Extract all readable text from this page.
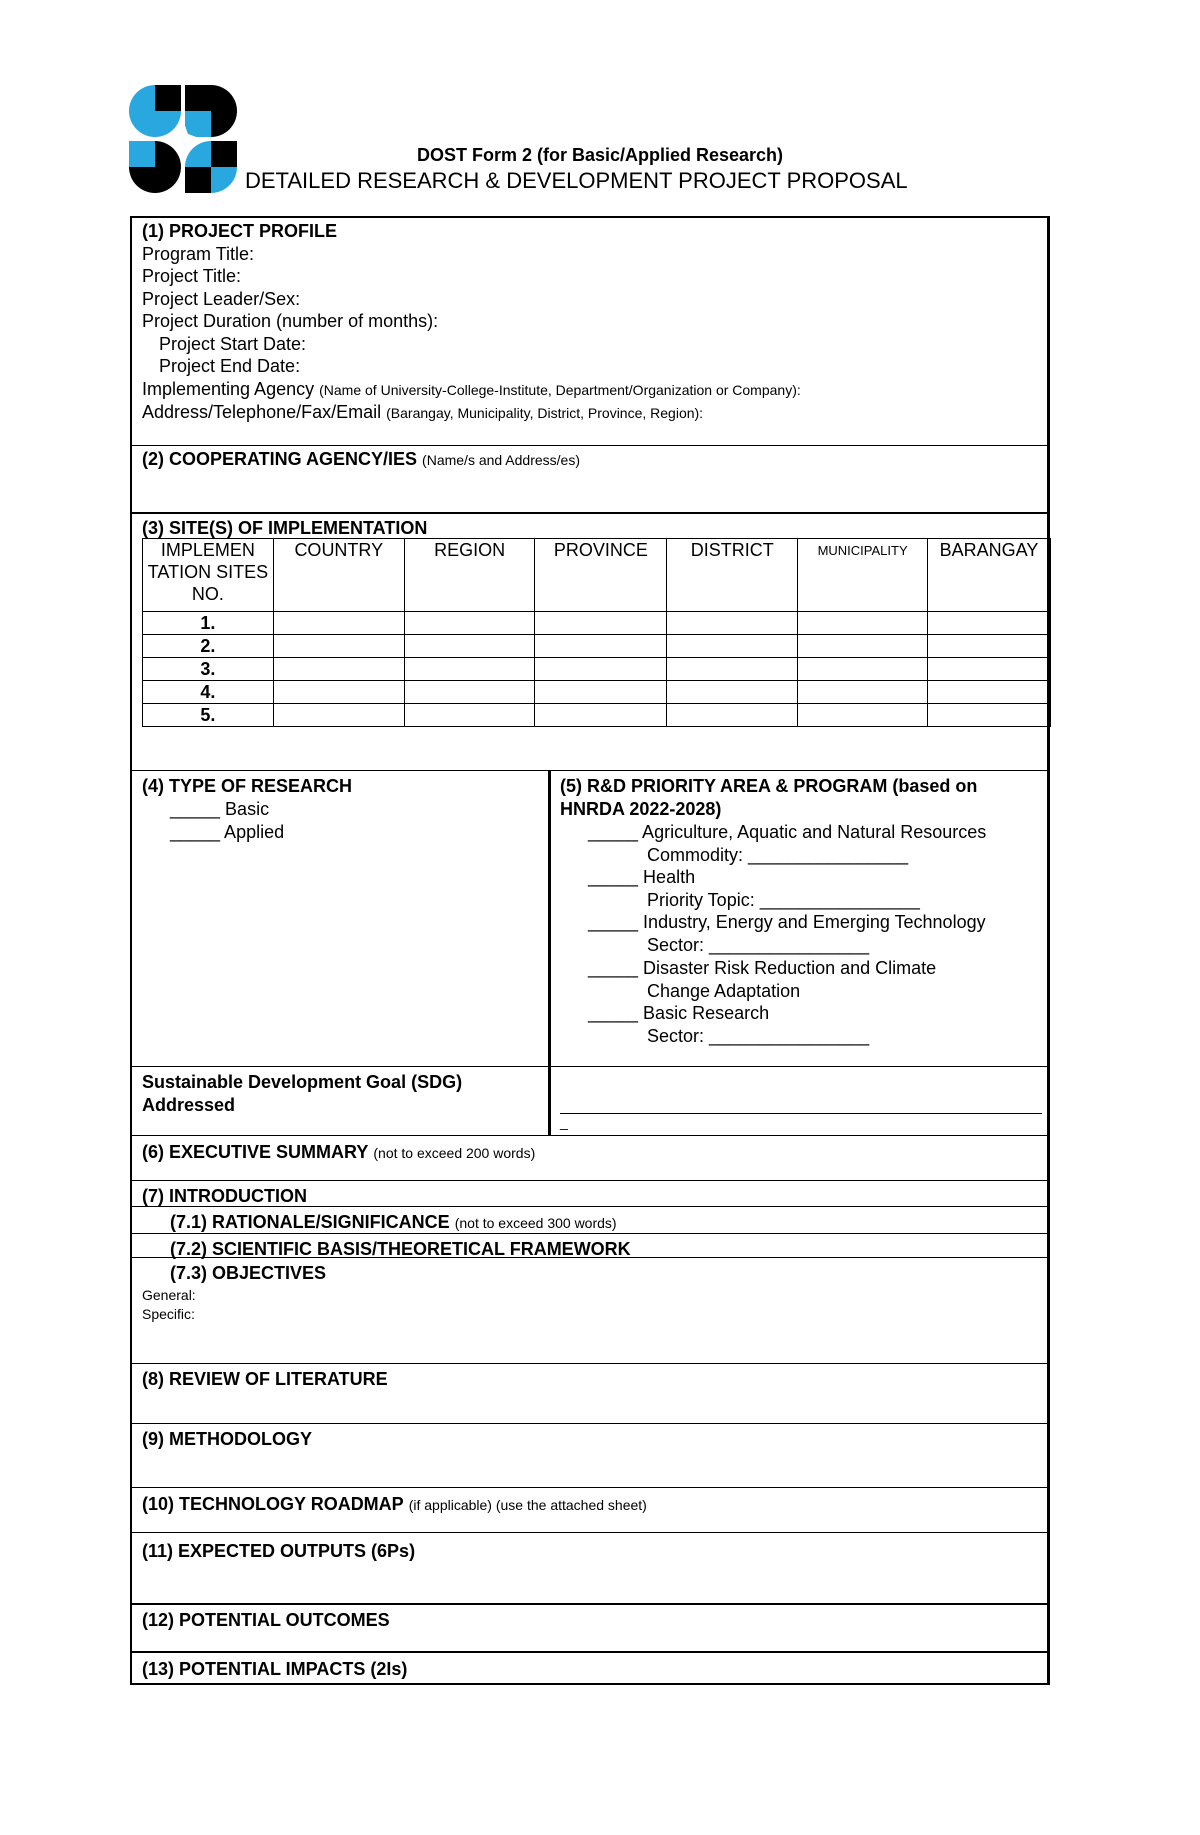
DOST Form 2 (for Basic/Applied Research)
DETAILED RESEARCH & DEVELOPMENT PROJECT PROPOSAL
(1) PROJECT PROFILE
Program Title:
Project Title:
Project Leader/Sex:
Project Duration (number of months):
Project Start Date:
Project End Date:
Implementing Agency (Name of University-College-Institute, Department/Organization or Company):
Address/Telephone/Fax/Email (Barangay, Municipality, District, Province, Region):
(2) COOPERATING AGENCY/IES (Name/s and Address/es)
(3) SITE(S) OF IMPLEMENTATION
IMPLEMEN TATION SITES NO.	COUNTRY	REGION	PROVINCE	DISTRICT	MUNICIPALITY	BARANGAY
1.						
2.						
3.						
4.						
5.						
(4) TYPE OF RESEARCH
_____ Basic
_____ Applied
(5) R&D PRIORITY AREA & PROGRAM (based on
HNRDA 2022-2028)
_____ Agriculture, Aquatic and Natural Resources
Commodity: ________________
_____ Health
Priority Topic: ________________
_____ Industry, Energy and Emerging Technology
Sector: ________________
_____ Disaster Risk Reduction and Climate
Change Adaptation
_____ Basic Research
Sector: ________________
Sustainable Development Goal (SDG)
Addressed
_
(6) EXECUTIVE SUMMARY (not to exceed 200 words)
(7) INTRODUCTION
(7.1) RATIONALE/SIGNIFICANCE (not to exceed 300 words)
(7.2) SCIENTIFIC BASIS/THEORETICAL FRAMEWORK
(7.3) OBJECTIVES
General:
Specific:
(8) REVIEW OF LITERATURE
(9) METHODOLOGY
(10) TECHNOLOGY ROADMAP (if applicable) (use the attached sheet)
(11) EXPECTED OUTPUTS (6Ps)
(12) POTENTIAL OUTCOMES
(13) POTENTIAL IMPACTS (2Is)
